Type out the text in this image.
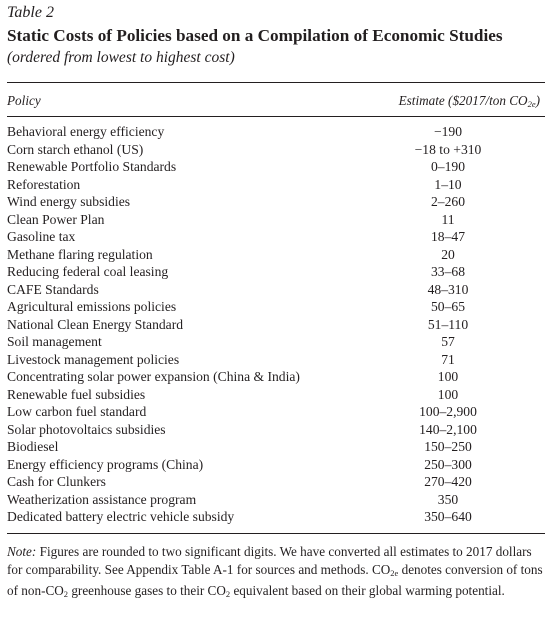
Table 2
Static Costs of Policies based on a Compilation of Economic Studies
(ordered from lowest to highest cost)
Policy	Estimate ($2017/ton $CO_{2e}$)
Behavioral energy efficiency	−190
Corn starch ethanol (US)	−18 to +310
Renewable Portfolio Standards	0–190
Reforestation	1–10
Wind energy subsidies	2–260
Clean Power Plan	11
Gasoline tax	18–47
Methane flaring regulation	20
Reducing federal coal leasing	33–68
CAFE Standards	48–310
Agricultural emissions policies	50–65
National Clean Energy Standard	51–110
Soil management	57
Livestock management policies	71
Concentrating solar power expansion (China & India)	100
Renewable fuel subsidies	100
Low carbon fuel standard	100–2,900
Solar photovoltaics subsidies	140–2,100
Biodiesel	150–250
Energy efficiency programs (China)	250–300
Cash for Clunkers	270–420
Weatherization assistance program	350
Dedicated battery electric vehicle subsidy	350–640
Note: Figures are rounded to two significant digits. We have converted all estimates to 2017 dollars for comparability. See Appendix Table A-1 for sources and methods. $CO_{2e}$ denotes conversion of tons of non-$CO_2$ greenhouse gases to their $CO_2$ equivalent based on their global warming potential.
